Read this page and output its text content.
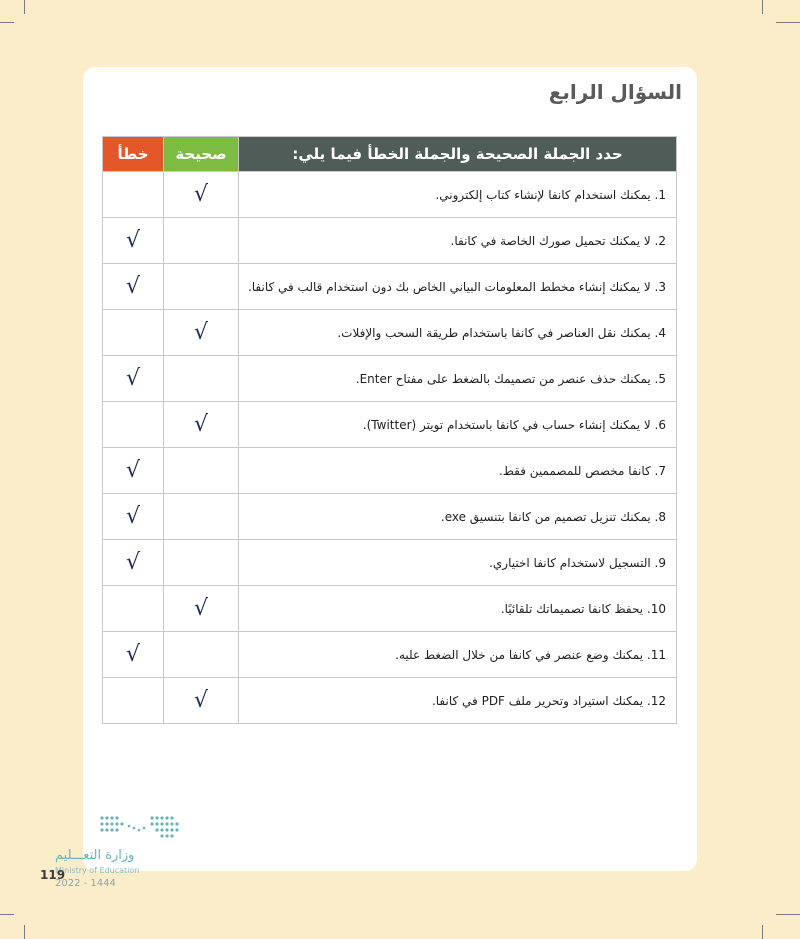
السؤال الرابع
حدد الجملة الصحيحة والجملة الخطأ فيما يلي:	صحيحة	خطأ
1. يمكنك استخدام كانفا لإنشاء كتاب إلكتروني.	√	
2. لا يمكنك تحميل صورك الخاصة في كانفا.		√
3. لا يمكنك إنشاء مخطط المعلومات البياني الخاص بك دون استخدام قالب في كانفا.		√
4. يمكنك نقل العناصر في كانفا باستخدام طريقة السحب والإفلات.	√	
5. يمكنك حذف عنصر من تصميمك بالضغط على مفتاح Enter.		√
6. لا يمكنك إنشاء حساب في كانفا باستخدام تويتر (Twitter).	√	
7. كانفا مخصص للمصممين فقط.		√
8. يمكنك تنزيل تصميم من كانفا بتنسيق exe.		√
9. التسجيل لاستخدام كانفا اختياري.		√
10. يحفظ كانفا تصميماتك تلقائيًا.	√	
11. يمكنك وضع عنصر في كانفا من خلال الضغط عليه.		√
12. يمكنك استيراد وتحرير ملف PDF في كانفا.	√	
وزارة التعـــليم
Ministry of Education
2022 - 1444
119
